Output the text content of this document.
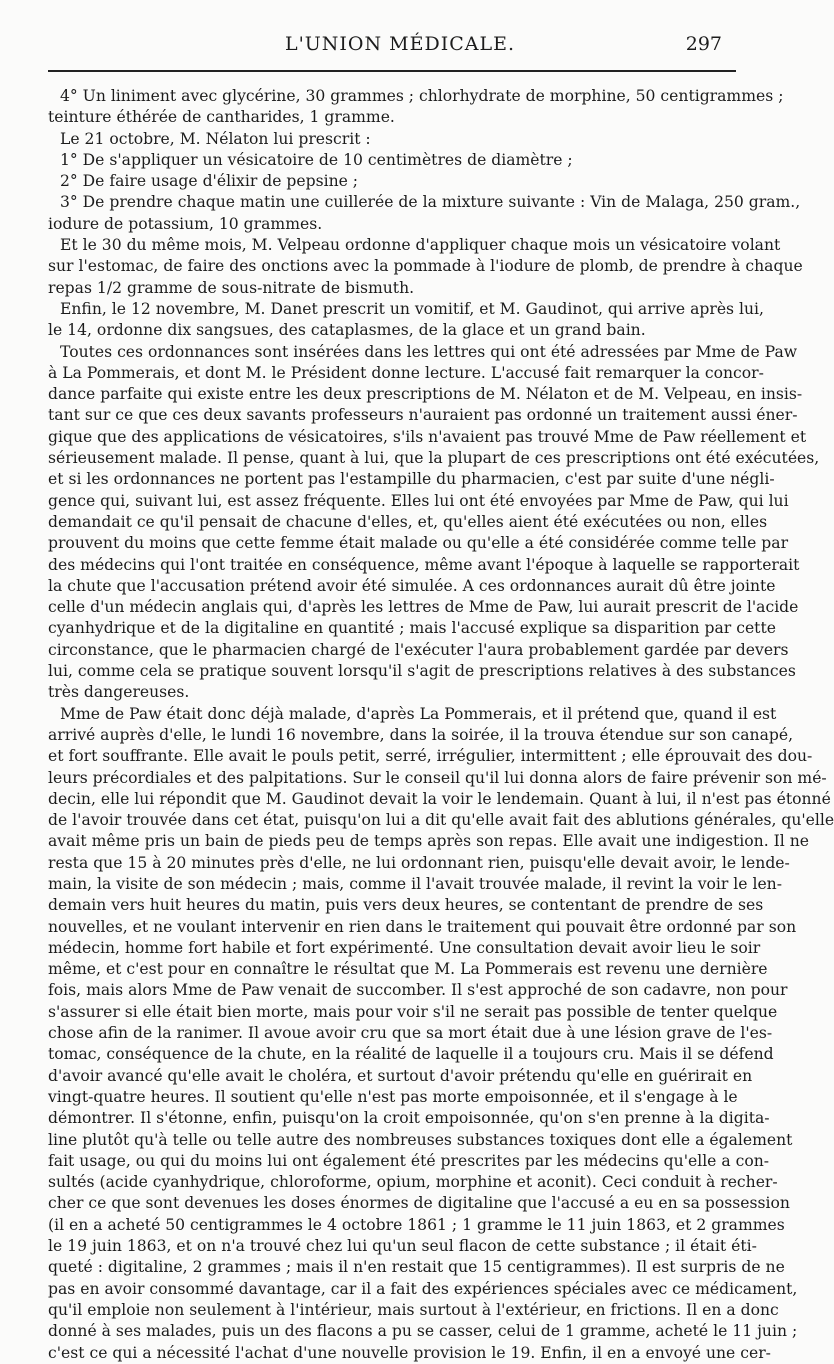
L'UNION MÉDICALE.	297
4° Un liniment avec glycérine, 30 grammes ; chlorhydrate de morphine, 50 centigrammes ;
teinture éthérée de cantharides, 1 gramme.
Le 21 octobre, M. Nélaton lui prescrit :
1° De s'appliquer un vésicatoire de 10 centimètres de diamètre ;
2° De faire usage d'élixir de pepsine ;
3° De prendre chaque matin une cuillerée de la mixture suivante : Vin de Malaga, 250 gram.,
iodure de potassium, 10 grammes.
Et le 30 du même mois, M. Velpeau ordonne d'appliquer chaque mois un vésicatoire volant
sur l'estomac, de faire des onctions avec la pommade à l'iodure de plomb, de prendre à chaque
repas 1/2 gramme de sous-nitrate de bismuth.
Enfin, le 12 novembre, M. Danet prescrit un vomitif, et M. Gaudinot, qui arrive après lui,
le 14, ordonne dix sangsues, des cataplasmes, de la glace et un grand bain.
Toutes ces ordonnances sont insérées dans les lettres qui ont été adressées par Mme de Paw
à La Pommerais, et dont M. le Président donne lecture. L'accusé fait remarquer la concor-
dance parfaite qui existe entre les deux prescriptions de M. Nélaton et de M. Velpeau, en insis-
tant sur ce que ces deux savants professeurs n'auraient pas ordonné un traitement aussi éner-
gique que des applications de vésicatoires, s'ils n'avaient pas trouvé Mme de Paw réellement et
sérieusement malade. Il pense, quant à lui, que la plupart de ces prescriptions ont été exécutées,
et si les ordonnances ne portent pas l'estampille du pharmacien, c'est par suite d'une négli-
gence qui, suivant lui, est assez fréquente. Elles lui ont été envoyées par Mme de Paw, qui lui
demandait ce qu'il pensait de chacune d'elles, et, qu'elles aient été exécutées ou non, elles
prouvent du moins que cette femme était malade ou qu'elle a été considérée comme telle par
des médecins qui l'ont traitée en conséquence, même avant l'époque à laquelle se rapporterait
la chute que l'accusation prétend avoir été simulée. A ces ordonnances aurait dû être jointe
celle d'un médecin anglais qui, d'après les lettres de Mme de Paw, lui aurait prescrit de l'acide
cyanhydrique et de la digitaline en quantité ; mais l'accusé explique sa disparition par cette
circonstance, que le pharmacien chargé de l'exécuter l'aura probablement gardée par devers
lui, comme cela se pratique souvent lorsqu'il s'agit de prescriptions relatives à des substances
très dangereuses.
Mme de Paw était donc déjà malade, d'après La Pommerais, et il prétend que, quand il est
arrivé auprès d'elle, le lundi 16 novembre, dans la soirée, il la trouva étendue sur son canapé,
et fort souffrante. Elle avait le pouls petit, serré, irrégulier, intermittent ; elle éprouvait des dou-
leurs précordiales et des palpitations. Sur le conseil qu'il lui donna alors de faire prévenir son mé-
decin, elle lui répondit que M. Gaudinot devait la voir le lendemain. Quant à lui, il n'est pas étonné
de l'avoir trouvée dans cet état, puisqu'on lui a dit qu'elle avait fait des ablutions générales, qu'elle
avait même pris un bain de pieds peu de temps après son repas. Elle avait une indigestion. Il ne
resta que 15 à 20 minutes près d'elle, ne lui ordonnant rien, puisqu'elle devait avoir, le lende-
main, la visite de son médecin ; mais, comme il l'avait trouvée malade, il revint la voir le len-
demain vers huit heures du matin, puis vers deux heures, se contentant de prendre de ses
nouvelles, et ne voulant intervenir en rien dans le traitement qui pouvait être ordonné par son
médecin, homme fort habile et fort expérimenté. Une consultation devait avoir lieu le soir
même, et c'est pour en connaître le résultat que M. La Pommerais est revenu une dernière
fois, mais alors Mme de Paw venait de succomber. Il s'est approché de son cadavre, non pour
s'assurer si elle était bien morte, mais pour voir s'il ne serait pas possible de tenter quelque
chose afin de la ranimer. Il avoue avoir cru que sa mort était due à une lésion grave de l'es-
tomac, conséquence de la chute, en la réalité de laquelle il a toujours cru. Mais il se défend
d'avoir avancé qu'elle avait le choléra, et surtout d'avoir prétendu qu'elle en guérirait en
vingt-quatre heures. Il soutient qu'elle n'est pas morte empoisonnée, et il s'engage à le
démontrer. Il s'étonne, enfin, puisqu'on la croit empoisonnée, qu'on s'en prenne à la digita-
line plutôt qu'à telle ou telle autre des nombreuses substances toxiques dont elle a également
fait usage, ou qui du moins lui ont également été prescrites par les médecins qu'elle a con-
sultés (acide cyanhydrique, chloroforme, opium, morphine et aconit). Ceci conduit à recher-
cher ce que sont devenues les doses énormes de digitaline que l'accusé a eu en sa possession
(il en a acheté 50 centigrammes le 4 octobre 1861 ; 1 gramme le 11 juin 1863, et 2 grammes
le 19 juin 1863, et on n'a trouvé chez lui qu'un seul flacon de cette substance ; il était éti-
queté : digitaline, 2 grammes ; mais il n'en restait que 15 centigrammes). Il est surpris de ne
pas en avoir consommé davantage, car il a fait des expériences spéciales avec ce médicament,
qu'il emploie non seulement à l'intérieur, mais surtout à l'extérieur, en frictions. Il en a donc
donné à ses malades, puis un des flacons a pu se casser, celui de 1 gramme, acheté le 11 juin ;
c'est ce qui a nécessité l'achat d'une nouvelle provision le 19. Enfin, il en a envoyé une cer-
